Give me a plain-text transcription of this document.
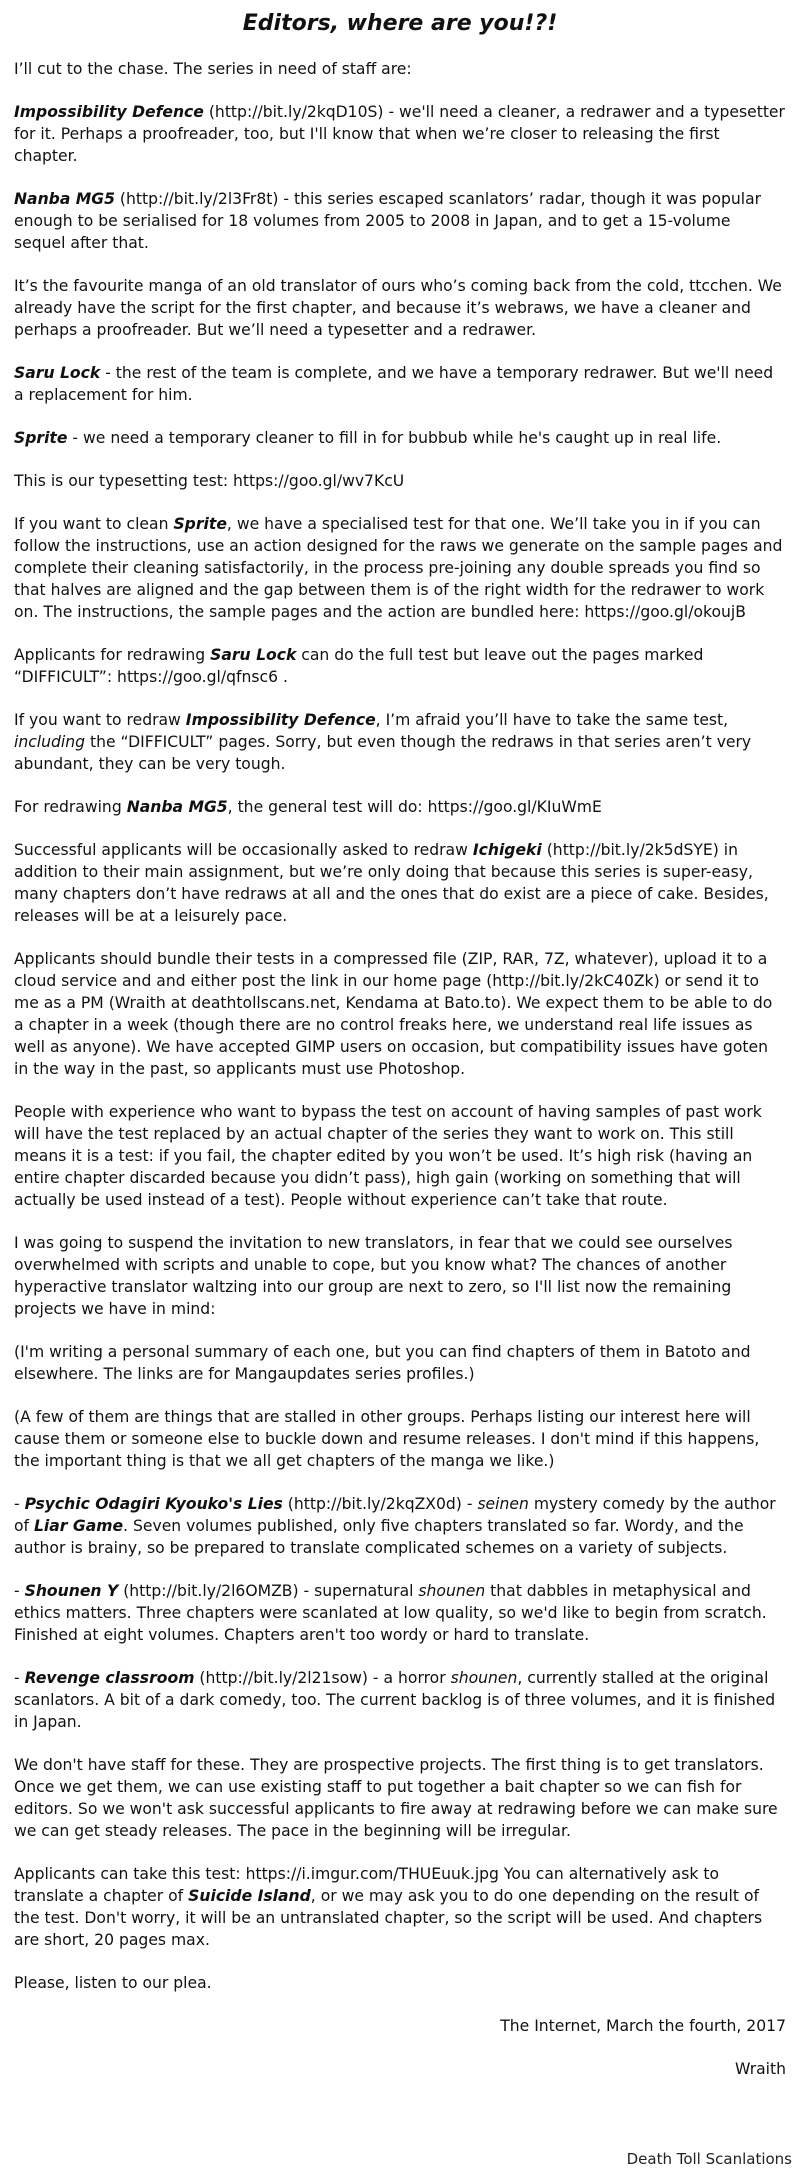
Editors, where are you!?!

I’ll cut to the chase. The series in need of staff are:

Impossibility Defence (http://bit.ly/2kqD10S) - we'll need a cleaner, a redrawer and a typesetter for it. Perhaps a proofreader, too, but I'll know that when we’re closer to releasing the first chapter.

Nanba MG5 (http://bit.ly/2l3Fr8t) - this series escaped scanlators’ radar, though it was popular enough to be serialised for 18 volumes from 2005 to 2008 in Japan, and to get a 15-volume sequel after that.

It’s the favourite manga of an old translator of ours who’s coming back from the cold, ttcchen. We already have the script for the first chapter, and because it’s webraws, we have a cleaner and perhaps a proofreader. But we’ll need a typesetter and a redrawer.

Saru Lock - the rest of the team is complete, and we have a temporary redrawer. But we'll need a replacement for him.

Sprite - we need a temporary cleaner to fill in for bubbub while he's caught up in real life.

This is our typesetting test: https://goo.gl/wv7KcU

If you want to clean Sprite, we have a specialised test for that one. We’ll take you in if you can follow the instructions, use an action designed for the raws we generate on the sample pages and complete their cleaning satisfactorily, in the process pre-joining any double spreads you find so that halves are aligned and the gap between them is of the right width for the redrawer to work on. The instructions, the sample pages and the action are bundled here: https://goo.gl/okoujB

Applicants for redrawing Saru Lock can do the full test but leave out the pages marked “DIFFICULT”: https://goo.gl/qfnsc6 .

If you want to redraw Impossibility Defence, I’m afraid you’ll have to take the same test, including the “DIFFICULT” pages. Sorry, but even though the redraws in that series aren’t very abundant, they can be very tough.

For redrawing Nanba MG5, the general test will do: https://goo.gl/KIuWmE

Successful applicants will be occasionally asked to redraw Ichigeki (http://bit.ly/2k5dSYE) in addition to their main assignment, but we’re only doing that because this series is super-easy, many chapters don’t have redraws at all and the ones that do exist are a piece of cake. Besides, releases will be at a leisurely pace.

Applicants should bundle their tests in a compressed file (ZIP, RAR, 7Z, whatever), upload it to a cloud service and and either post the link in our home page (http://bit.ly/2kC40Zk) or send it to me as a PM (Wraith at deathtollscans.net, Kendama at Bato.to). We expect them to be able to do a chapter in a week (though there are no control freaks here, we understand real life issues as well as anyone). We have accepted GIMP users on occasion, but compatibility issues have goten in the way in the past, so applicants must use Photoshop.

People with experience who want to bypass the test on account of having samples of past work will have the test replaced by an actual chapter of the series they want to work on. This still means it is a test: if you fail, the chapter edited by you won’t be used. It’s high risk (having an entire chapter discarded because you didn’t pass), high gain (working on something that will actually be used instead of a test). People without experience can’t take that route.

I was going to suspend the invitation to new translators, in fear that we could see ourselves overwhelmed with scripts and unable to cope, but you know what? The chances of another hyperactive translator waltzing into our group are next to zero, so I'll list now the remaining projects we have in mind:

(I'm writing a personal summary of each one, but you can find chapters of them in Batoto and elsewhere. The links are for Mangaupdates series profiles.)

(A few of them are things that are stalled in other groups. Perhaps listing our interest here will cause them or someone else to buckle down and resume releases. I don't mind if this happens, the important thing is that we all get chapters of the manga we like.)

- Psychic Odagiri Kyouko's Lies (http://bit.ly/2kqZX0d) - seinen mystery comedy by the author of Liar Game. Seven volumes published, only five chapters translated so far. Wordy, and the author is brainy, so be prepared to translate complicated schemes on a variety of subjects.

- Shounen Y (http://bit.ly/2l6OMZB) - supernatural shounen that dabbles in metaphysical and ethics matters. Three chapters were scanlated at low quality, so we'd like to begin from scratch. Finished at eight volumes. Chapters aren't too wordy or hard to translate.

- Revenge classroom (http://bit.ly/2l21sow) - a horror shounen, currently stalled at the original scanlators. A bit of a dark comedy, too. The current backlog is of three volumes, and it is finished in Japan.

We don't have staff for these. They are prospective projects. The first thing is to get translators. Once we get them, we can use existing staff to put together a bait chapter so we can fish for editors. So we won't ask successful applicants to fire away at redrawing before we can make sure we can get steady releases. The pace in the beginning will be irregular.

Applicants can take this test: https://i.imgur.com/THUEuuk.jpg You can alternatively ask to translate a chapter of Suicide Island, or we may ask you to do one depending on the result of the test. Don't worry, it will be an untranslated chapter, so the script will be used. And chapters are short, 20 pages max.

Please, listen to our plea.

The Internet, March the fourth, 2017
Wraith
Death Toll Scanlations
